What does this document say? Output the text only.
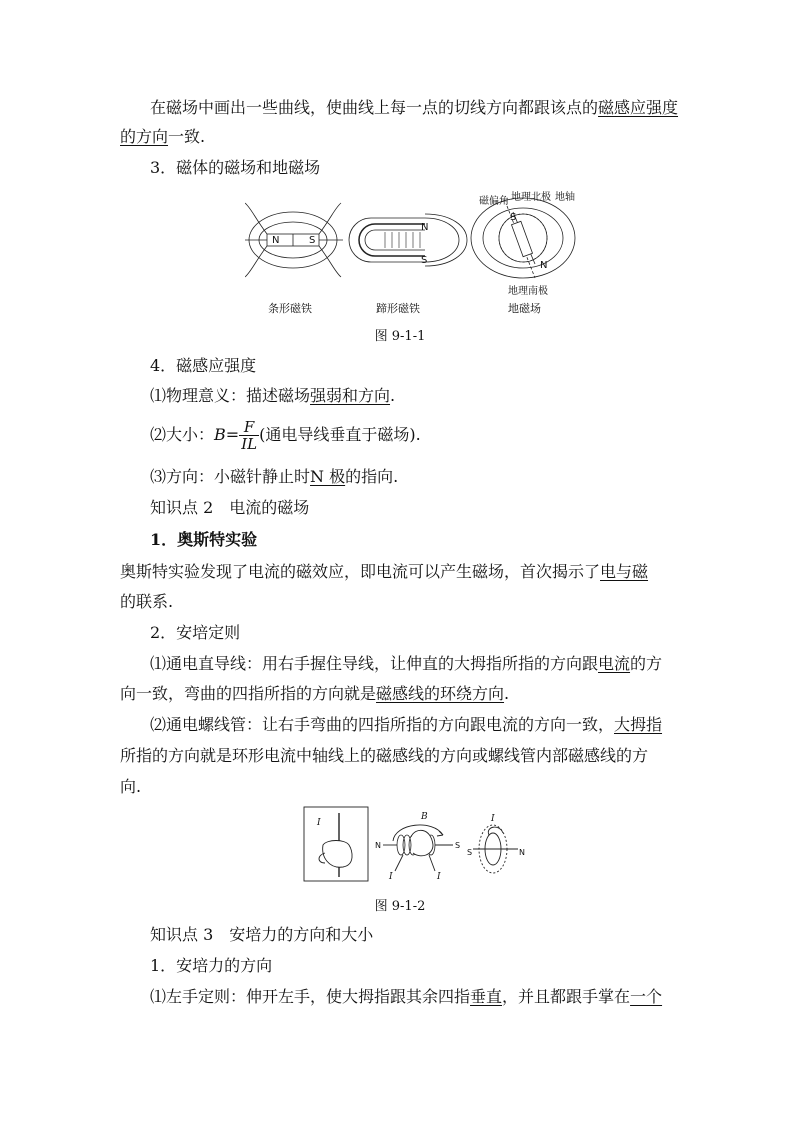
在磁场中画出一些曲线，使曲线上每一点的切线方向都跟该点的磁感应强度
的方向一致.
3．磁体的磁场和地磁场
N	S
N
S
S
N
磁偏角 地理北极 地轴
地理南极
条形磁铁	蹄形磁铁	地磁场
图 9-1-1
4．磁感应强度
⑴物理意义：描述磁场强弱和方向.
⑵大小：$B= \frac{F}{IL}$ (通电导线垂直于磁场).
⑶方向：小磁针静止时N 极的指向.
知识点 2　电流的磁场
1．奥斯特实验
奥斯特实验发现了电流的磁效应，即电流可以产生磁场，首次揭示了电与磁
的联系.
2．安培定则
⑴通电直导线：用右手握住导线，让伸直的大拇指所指的方向跟电流的方
向一致，弯曲的四指所指的方向就是磁感线的环绕方向.
⑵通电螺线管：让右手弯曲的四指所指的方向跟电流的方向一致，大拇指
所指的方向就是环形电流中轴线上的磁感线的方向或螺线管内部磁感线的方
向.
I
B
I	I
I
N	S
S	N
图 9-1-2
知识点 3　安培力的方向和大小
1．安培力的方向
⑴左手定则：伸开左手，使大拇指跟其余四指垂直，并且都跟手掌在一个
